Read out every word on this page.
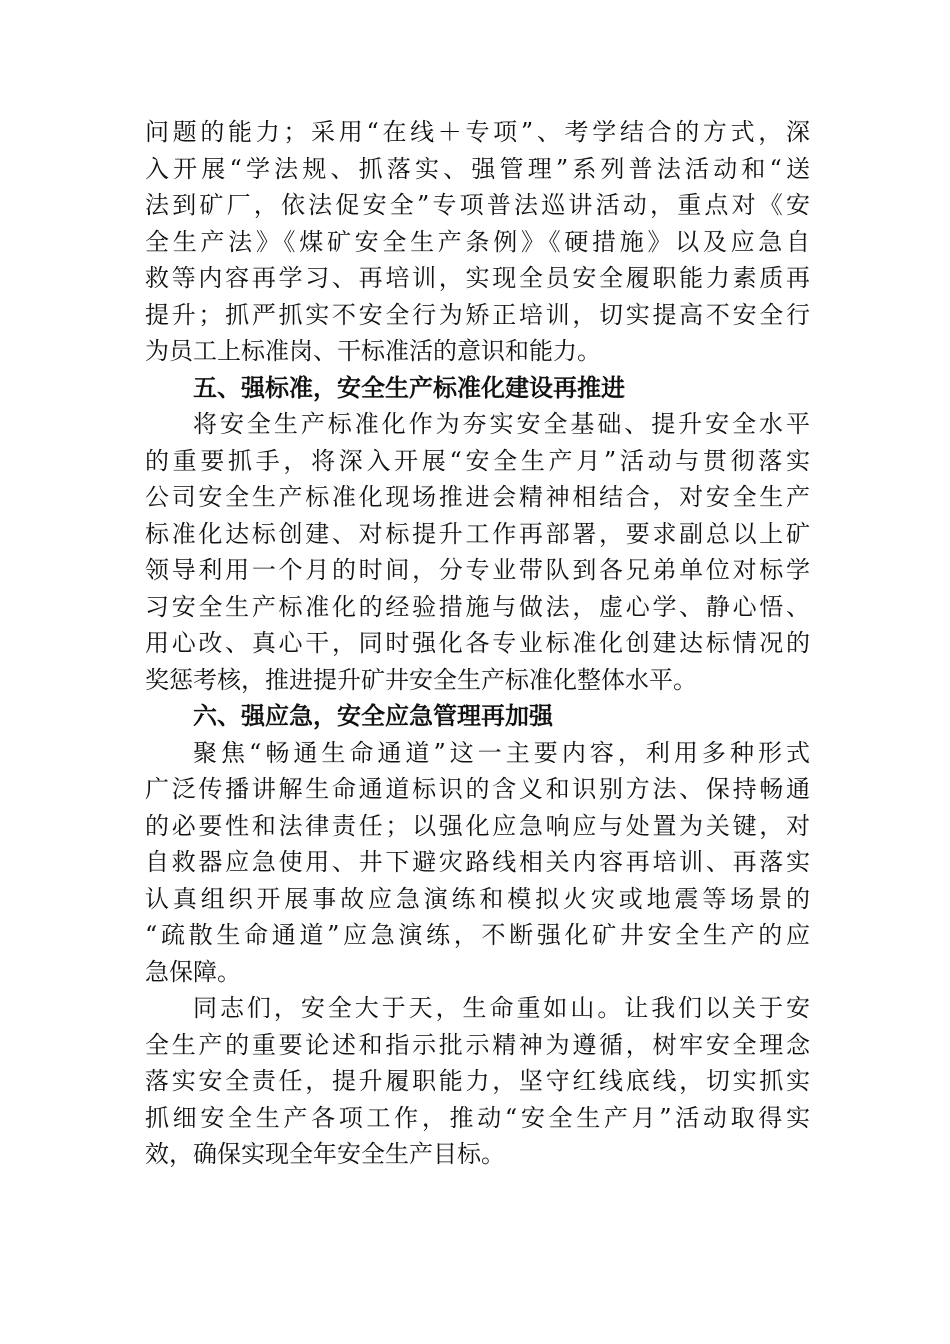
问题的能力；采用“在线＋专项”、考学结合的方式，深
入开展“学法规、抓落实、强管理”系列普法活动和“送
法到矿厂，依法促安全”专项普法巡讲活动，重点对《安
全生产法》《煤矿安全生产条例》《硬措施》以及应急自
救等内容再学习、再培训，实现全员安全履职能力素质再
提升；抓严抓实不安全行为矫正培训，切实提高不安全行
为员工上标准岗、干标准活的意识和能力。
五、强标准，安全生产标准化建设再推进
将安全生产标准化作为夯实安全基础、提升安全水平
的重要抓手，将深入开展“安全生产月”活动与贯彻落实
公司安全生产标准化现场推进会精神相结合，对安全生产
标准化达标创建、对标提升工作再部署，要求副总以上矿
领导利用一个月的时间，分专业带队到各兄弟单位对标学
习安全生产标准化的经验措施与做法，虚心学、静心悟、
用心改、真心干，同时强化各专业标准化创建达标情况的
奖惩考核，推进提升矿井安全生产标准化整体水平。
六、强应急，安全应急管理再加强
聚焦“畅通生命通道”这一主要内容，利用多种形式
广泛传播讲解生命通道标识的含义和识别方法、保持畅通
的必要性和法律责任；以强化应急响应与处置为关键，对
自救器应急使用、井下避灾路线相关内容再培训、再落实
认真组织开展事故应急演练和模拟火灾或地震等场景的
“疏散生命通道”应急演练，不断强化矿井安全生产的应
急保障。
同志们，安全大于天，生命重如山。让我们以关于安
全生产的重要论述和指示批示精神为遵循，树牢安全理念
落实安全责任，提升履职能力，坚守红线底线，切实抓实
抓细安全生产各项工作，推动“安全生产月”活动取得实
效，确保实现全年安全生产目标。
